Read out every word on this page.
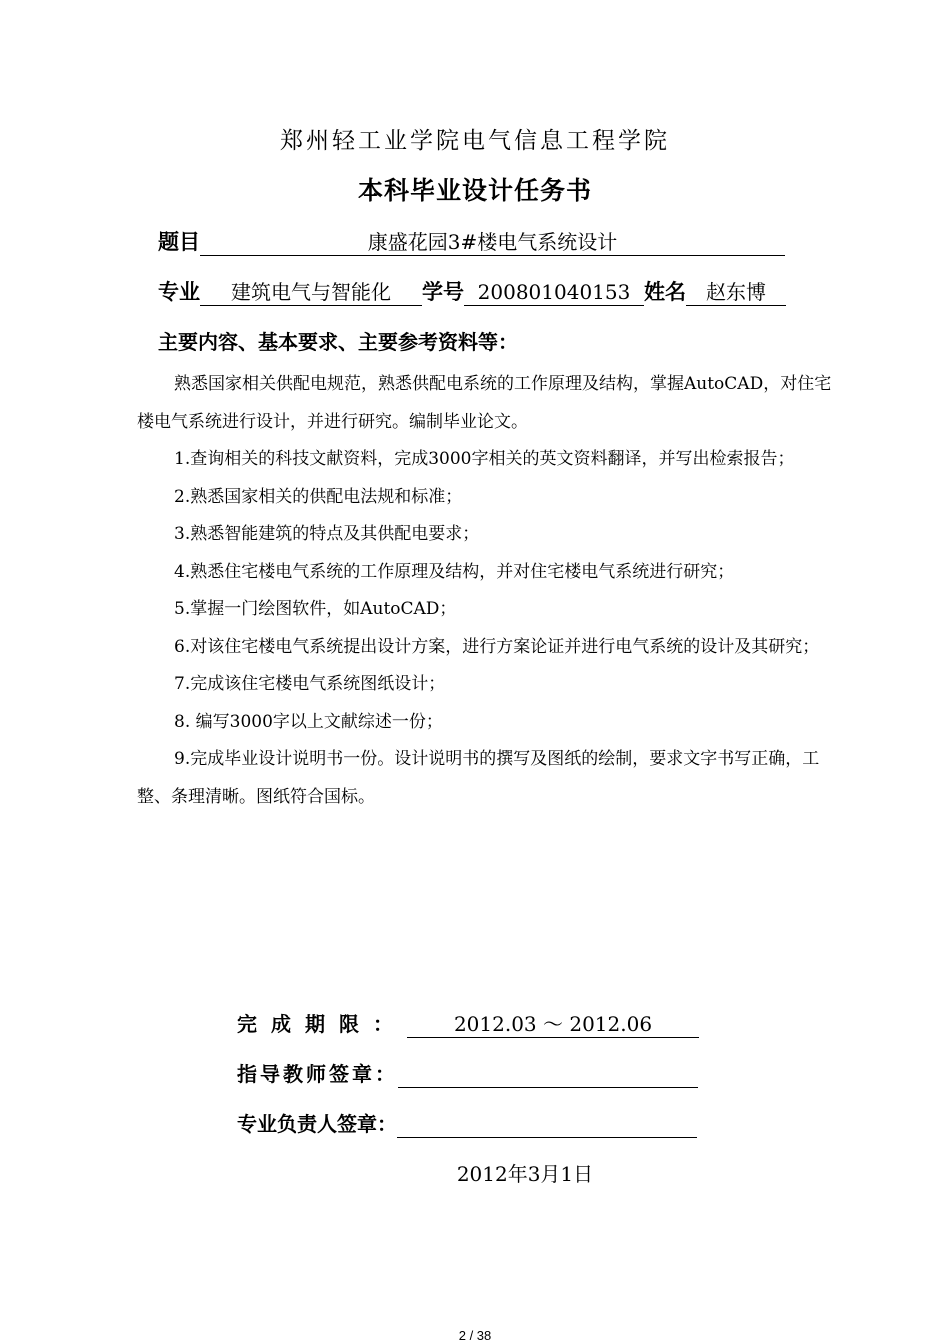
郑州轻工业学院电气信息工程学院
本科毕业设计任务书
题目	康盛花园3#楼电气系统设计
专业 建筑电气与智能化 学号 200801040153 姓名 赵东博
主要内容、基本要求、主要参考资料等：

熟悉国家相关供配电规范，熟悉供配电系统的工作原理及结构，掌握AutoCAD，对住宅楼电气系统进行设计，并进行研究。编制毕业论文。

1.查询相关的科技文献资料，完成3000字相关的英文资料翻译，并写出检索报告；

2.熟悉国家相关的供配电法规和标准；

3.熟悉智能建筑的特点及其供配电要求；

4.熟悉住宅楼电气系统的工作原理及结构，并对住宅楼电气系统进行研究；

5.掌握一门绘图软件，如AutoCAD；

6.对该住宅楼电气系统提出设计方案，进行方案论证并进行电气系统的设计及其研究；

7.完成该住宅楼电气系统图纸设计；

8. 编写3000字以上文献综述一份；

9.完成毕业设计说明书一份。设计说明书的撰写及图纸的绘制，要求文字书写正确，工整、条理清晰。图纸符合国标。

完成期限： 2012.03 ～ 2012.06
指导教师签章：
专业负责人签章：
2012年3月1日
2 / 38
